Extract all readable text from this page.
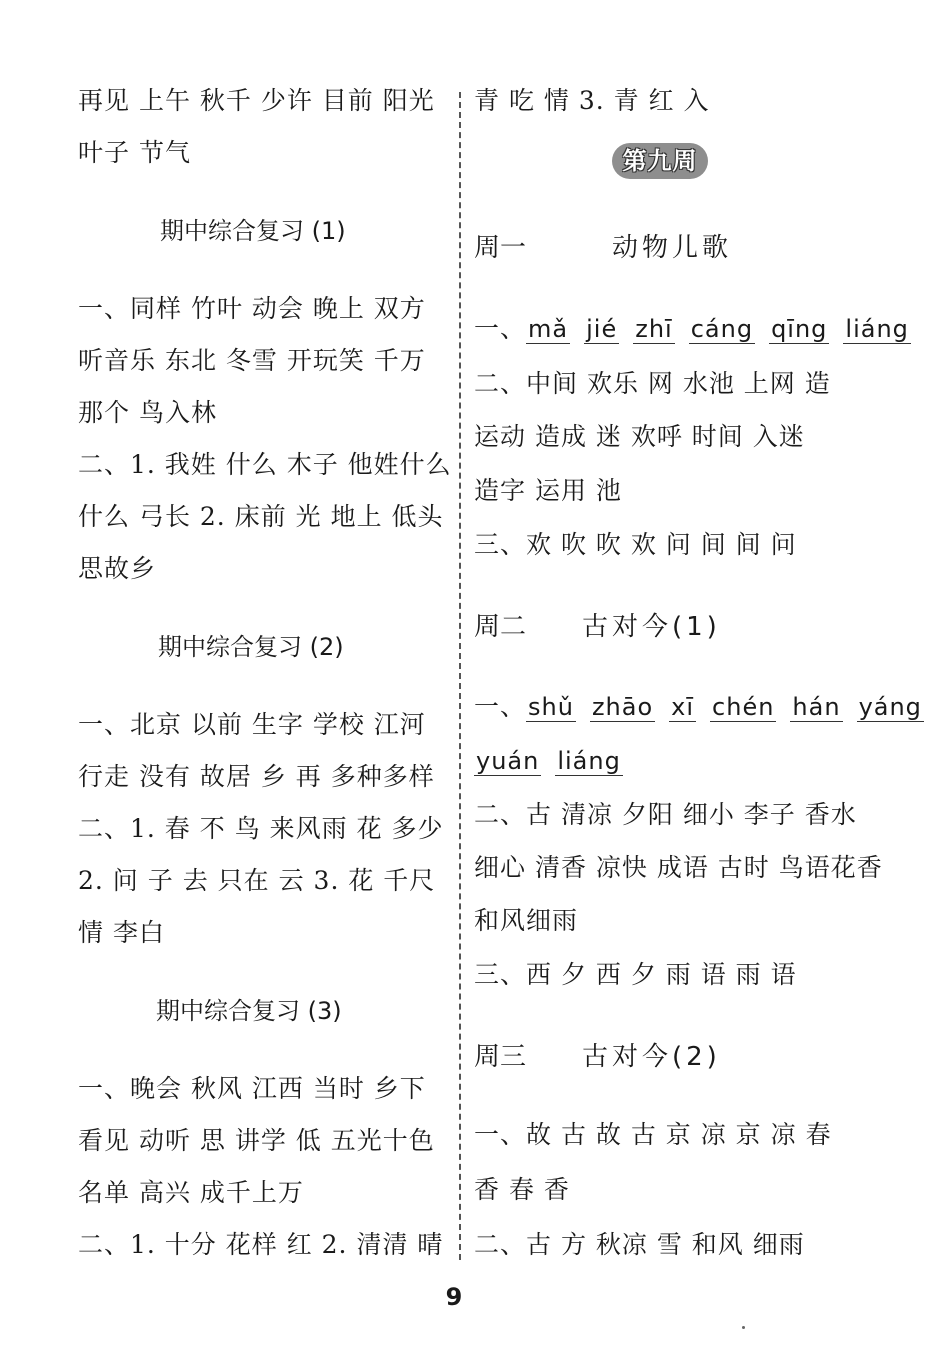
再见 上午 秋千 少许 目前 阳光
叶子 节气
期中综合复习 (1)
一、同样 竹叶 动会 晚上 双方
听音乐 东北 冬雪 开玩笑 千万
那个 鸟入林
二、1. 我姓 什么 木子 他姓什么
什么 弓长 2. 床前 光 地上 低头
思故乡
期中综合复习 (2)
一、北京 以前 生字 学校 江河
行走 没有 故居 乡 再 多种多样
二、1. 春 不 鸟 来风雨 花 多少
2. 问 子 去 只在 云 3. 花 千尺
情 李白
期中综合复习 (3)
一、晚会 秋风 江西 当时 乡下
看见 动听 思 讲学 低 五光十色
名单 高兴 成千上万
二、1. 十分 花样 红 2. 清清 晴
青 吃 情 3. 青 红 入
第九周
周一	动物儿歌
一、mǎ jié zhī cáng qīng liáng
二、中间 欢乐 网 水池 上网 造
运动 造成 迷 欢呼 时间 入迷
造字 运用 池
三、欢 吹 吹 欢 问 间 间 问
周二 古对今(1)
一、shǔ zhāo xī chén hán yáng
yuán liáng
二、古 清凉 夕阳 细小 李子 香水
细心 清香 凉快 成语 古时 鸟语花香
和风细雨
三、西 夕 西 夕 雨 语 雨 语
周三 古对今(2)
一、故 古 故 古 京 凉 京 凉 春
香 春 香
二、古 方 秋凉 雪 和风 细雨
9
